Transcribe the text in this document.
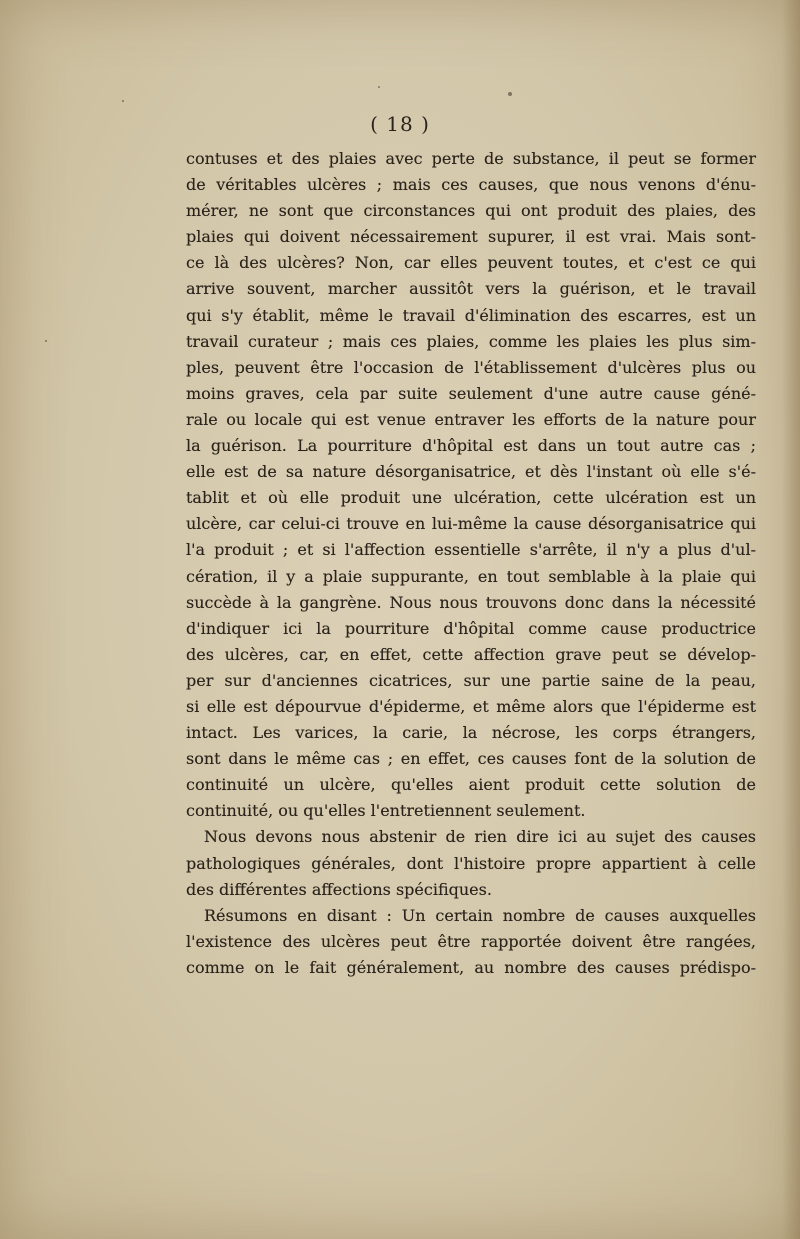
( 18 )
contuses et des plaies avec perte de substance, il peut se former
de véritables ulcères ; mais ces causes, que nous venons d'énu-
mérer, ne sont que circonstances qui ont produit des plaies, des
plaies qui doivent nécessairement supurer, il est vrai. Mais sont-
ce là des ulcères? Non, car elles peuvent toutes, et c'est ce qui
arrive souvent, marcher aussitôt vers la guérison, et le travail
qui s'y établit, même le travail d'élimination des escarres, est un
travail curateur ; mais ces plaies, comme les plaies les plus sim-
ples, peuvent être l'occasion de l'établissement d'ulcères plus ou
moins graves, cela par suite seulement d'une autre cause géné-
rale ou locale qui est venue entraver les efforts de la nature pour
la guérison. La pourriture d'hôpital est dans un tout autre cas ;
elle est de sa nature désorganisatrice, et dès l'instant où elle s'é-
tablit et où elle produit une ulcération, cette ulcération est un
ulcère, car celui-ci trouve en lui-même la cause désorganisatrice qui
l'a produit ; et si l'affection essentielle s'arrête, il n'y a plus d'ul-
cération, il y a plaie suppurante, en tout semblable à la plaie qui
succède à la gangrène. Nous nous trouvons donc dans la nécessité
d'indiquer ici la pourriture d'hôpital comme cause productrice
des ulcères, car, en effet, cette affection grave peut se dévelop-
per sur d'anciennes cicatrices, sur une partie saine de la peau,
si elle est dépourvue d'épiderme, et même alors que l'épiderme est
intact. Les varices, la carie, la nécrose, les corps étrangers,
sont dans le même cas ; en effet, ces causes font de la solution de
continuité un ulcère, qu'elles aient produit cette solution de
continuité, ou qu'elles l'entretiennent seulement.
Nous devons nous abstenir de rien dire ici au sujet des causes
pathologiques générales, dont l'histoire propre appartient à celle
des différentes affections spécifiques.
Résumons en disant : Un certain nombre de causes auxquelles
l'existence des ulcères peut être rapportée doivent être rangées,
comme on le fait généralement, au nombre des causes prédispo-
